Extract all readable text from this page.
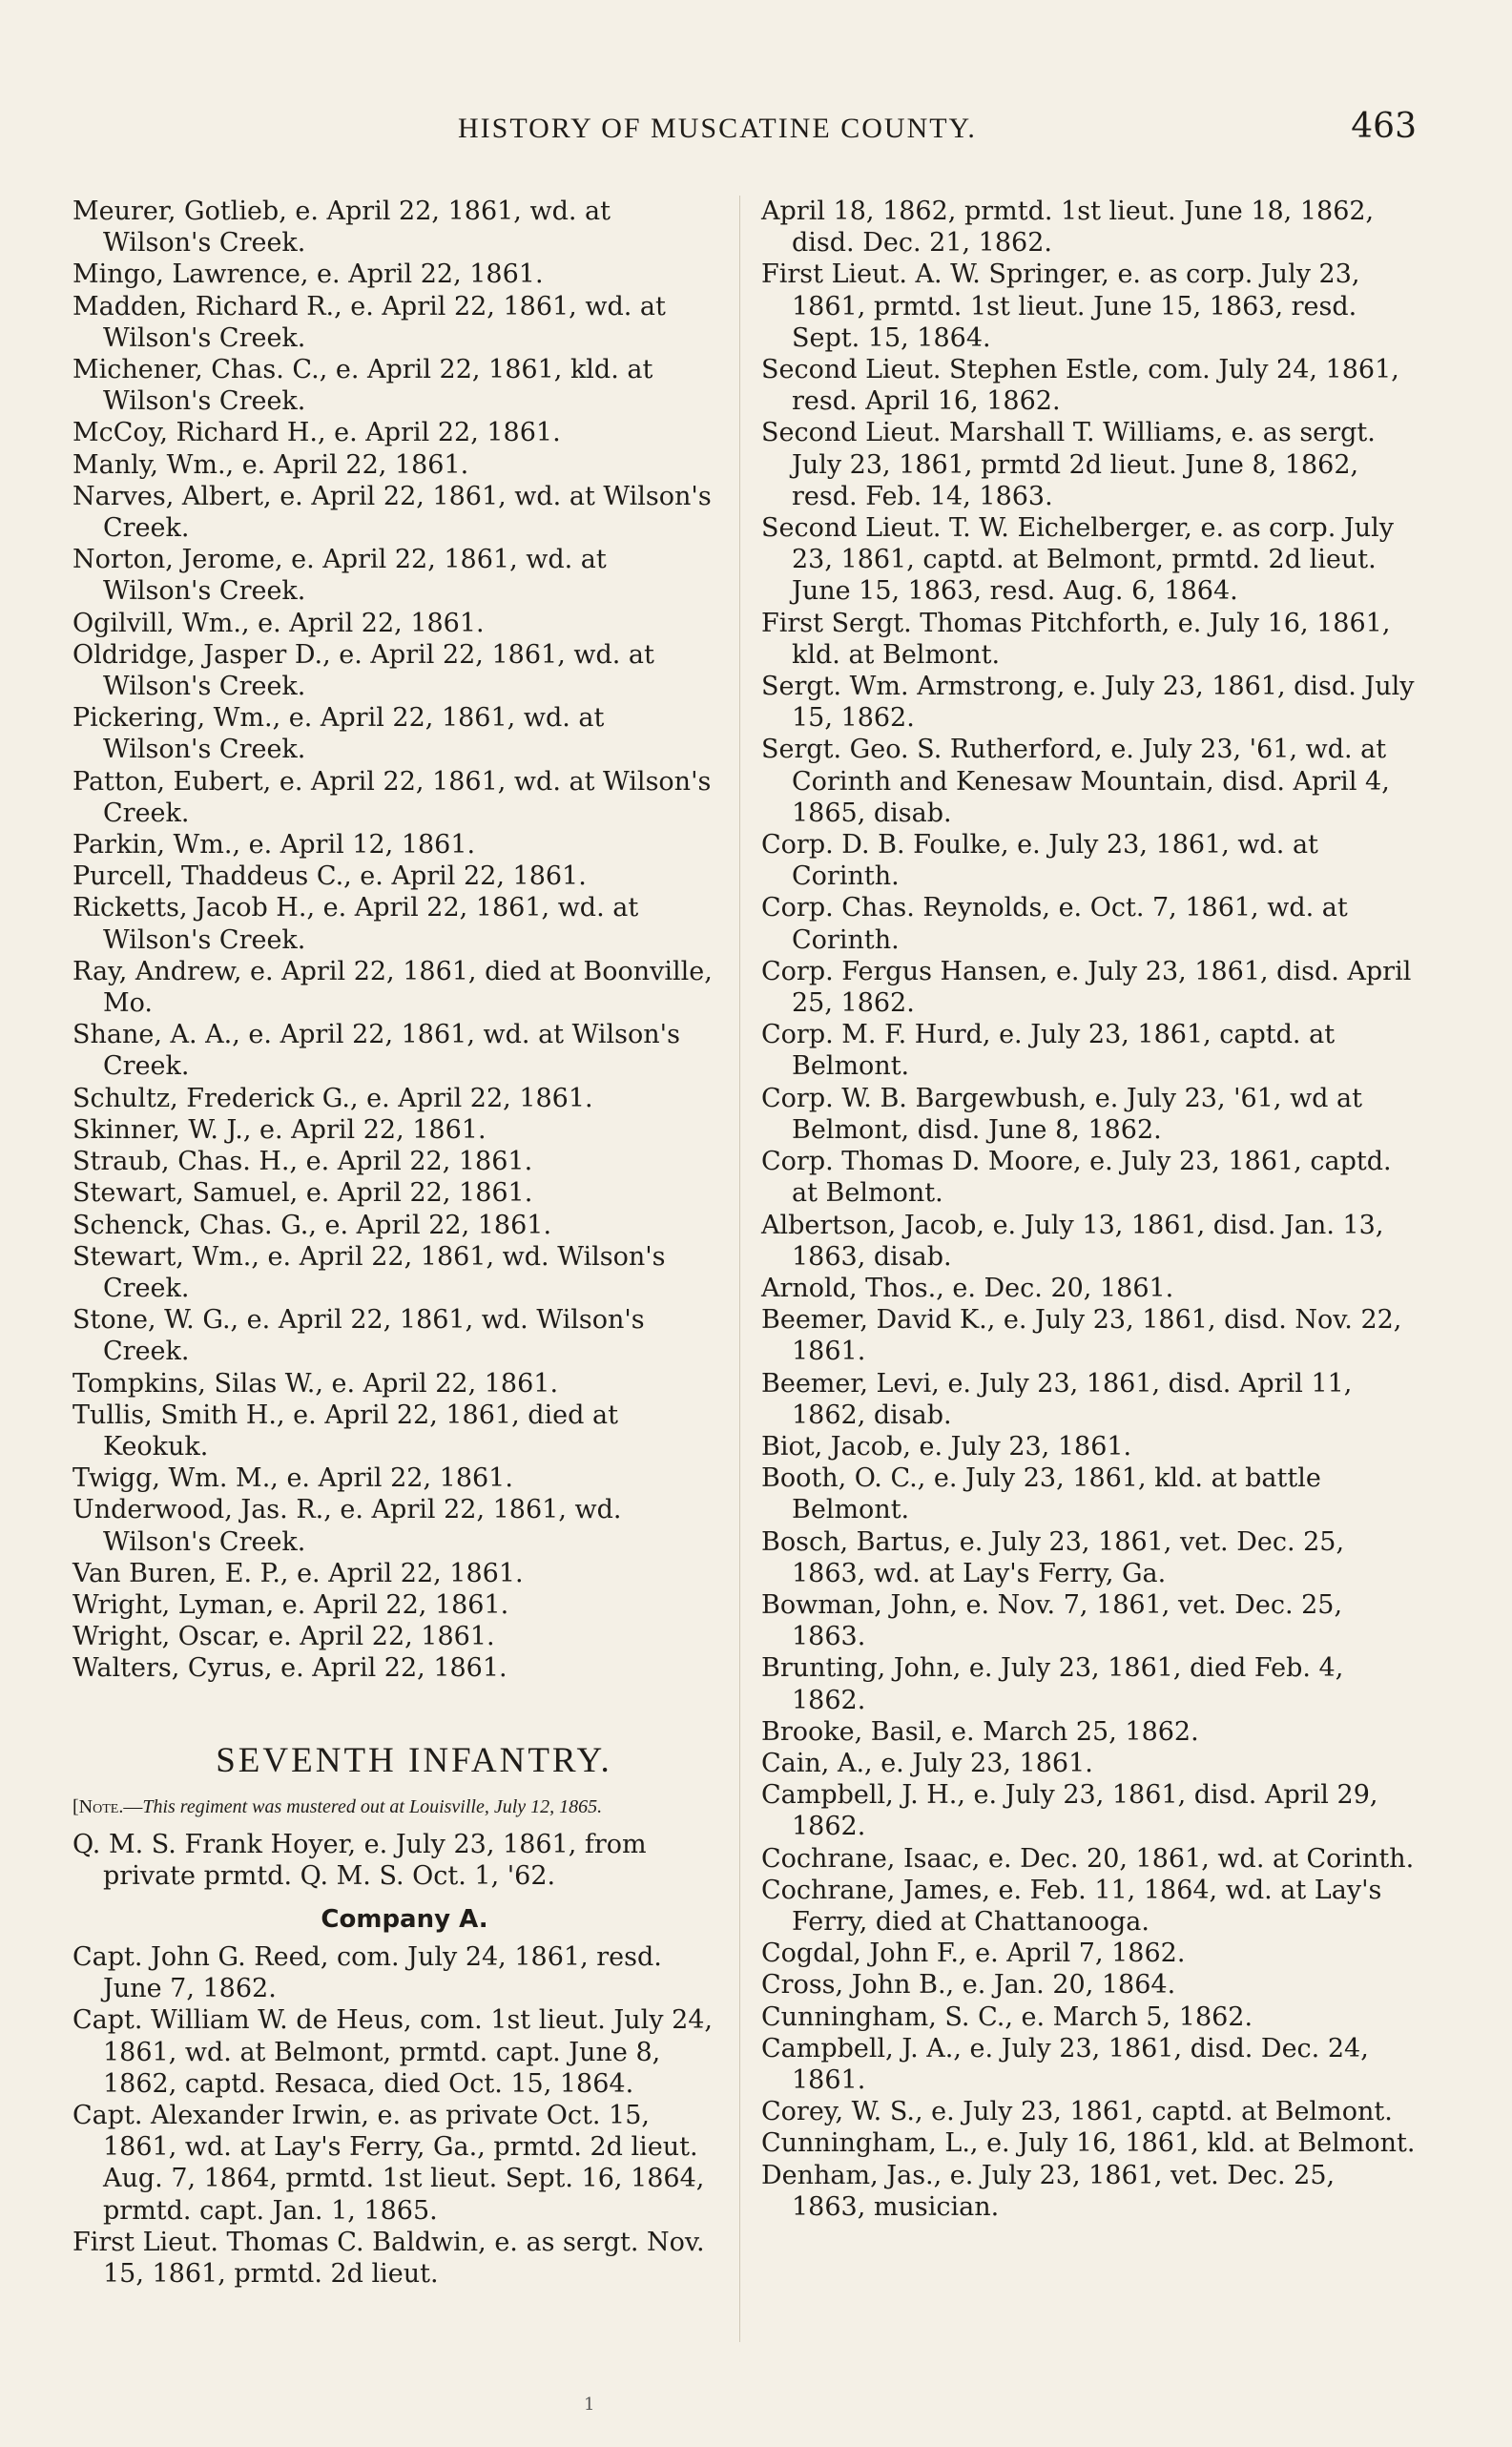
HISTORY OF MUSCATINE COUNTY.	463
Meurer, Gotlieb, e. April 22, 1861, wd. at Wilson's Creek.
Mingo, Lawrence, e. April 22, 1861.
Madden, Richard R., e. April 22, 1861, wd. at Wilson's Creek.
Michener, Chas. C., e. April 22, 1861, kld. at Wilson's Creek.
McCoy, Richard H., e. April 22, 1861.
Manly, Wm., e. April 22, 1861.
Narves, Albert, e. April 22, 1861, wd. at Wilson's Creek.
Norton, Jerome, e. April 22, 1861, wd. at Wilson's Creek.
Ogilvill, Wm., e. April 22, 1861.
Oldridge, Jasper D., e. April 22, 1861, wd. at Wilson's Creek.
Pickering, Wm., e. April 22, 1861, wd. at Wilson's Creek.
Patton, Eubert, e. April 22, 1861, wd. at Wilson's Creek.
Parkin, Wm., e. April 12, 1861.
Purcell, Thaddeus C., e. April 22, 1861.
Ricketts, Jacob H., e. April 22, 1861, wd. at Wilson's Creek.
Ray, Andrew, e. April 22, 1861, died at Boonville, Mo.
Shane, A. A., e. April 22, 1861, wd. at Wilson's Creek.
Schultz, Frederick G., e. April 22, 1861.
Skinner, W. J., e. April 22, 1861.
Straub, Chas. H., e. April 22, 1861.
Stewart, Samuel, e. April 22, 1861.
Schenck, Chas. G., e. April 22, 1861.
Stewart, Wm., e. April 22, 1861, wd. Wilson's Creek.
Stone, W. G., e. April 22, 1861, wd. Wilson's Creek.
Tompkins, Silas W., e. April 22, 1861.
Tullis, Smith H., e. April 22, 1861, died at Keokuk.
Twigg, Wm. M., e. April 22, 1861.
Underwood, Jas. R., e. April 22, 1861, wd. Wilson's Creek.
Van Buren, E. P., e. April 22, 1861.
Wright, Lyman, e. April 22, 1861.
Wright, Oscar, e. April 22, 1861.
Walters, Cyrus, e. April 22, 1861.
SEVENTH INFANTRY.
[Note.—This regiment was mustered out at Louisville, July 12, 1865.
Q. M. S. Frank Hoyer, e. July 23, 1861, from private prmtd. Q. M. S. Oct. 1, '62.
Company A.
Capt. John G. Reed, com. July 24, 1861, resd. June 7, 1862.
Capt. William W. de Heus, com. 1st lieut. July 24, 1861, wd. at Belmont, prmtd. capt. June 8, 1862, captd. Resaca, died Oct. 15, 1864.
Capt. Alexander Irwin, e. as private Oct. 15, 1861, wd. at Lay's Ferry, Ga., prmtd. 2d lieut. Aug. 7, 1864, prmtd. 1st lieut. Sept. 16, 1864, prmtd. capt. Jan. 1, 1865.
First Lieut. Thomas C. Baldwin, e. as sergt. Nov. 15, 1861, prmtd. 2d lieut.
April 18, 1862, prmtd. 1st lieut. June 18, 1862, disd. Dec. 21, 1862.
First Lieut. A. W. Springer, e. as corp. July 23, 1861, prmtd. 1st lieut. June 15, 1863, resd. Sept. 15, 1864.
Second Lieut. Stephen Estle, com. July 24, 1861, resd. April 16, 1862.
Second Lieut. Marshall T. Williams, e. as sergt. July 23, 1861, prmtd 2d lieut. June 8, 1862, resd. Feb. 14, 1863.
Second Lieut. T. W. Eichelberger, e. as corp. July 23, 1861, captd. at Belmont, prmtd. 2d lieut. June 15, 1863, resd. Aug. 6, 1864.
First Sergt. Thomas Pitchforth, e. July 16, 1861, kld. at Belmont.
Sergt. Wm. Armstrong, e. July 23, 1861, disd. July 15, 1862.
Sergt. Geo. S. Rutherford, e. July 23, '61, wd. at Corinth and Kenesaw Mountain, disd. April 4, 1865, disab.
Corp. D. B. Foulke, e. July 23, 1861, wd. at Corinth.
Corp. Chas. Reynolds, e. Oct. 7, 1861, wd. at Corinth.
Corp. Fergus Hansen, e. July 23, 1861, disd. April 25, 1862.
Corp. M. F. Hurd, e. July 23, 1861, captd. at Belmont.
Corp. W. B. Bargewbush, e. July 23, '61, wd at Belmont, disd. June 8, 1862.
Corp. Thomas D. Moore, e. July 23, 1861, captd. at Belmont.
Albertson, Jacob, e. July 13, 1861, disd. Jan. 13, 1863, disab.
Arnold, Thos., e. Dec. 20, 1861.
Beemer, David K., e. July 23, 1861, disd. Nov. 22, 1861.
Beemer, Levi, e. July 23, 1861, disd. April 11, 1862, disab.
Biot, Jacob, e. July 23, 1861.
Booth, O. C., e. July 23, 1861, kld. at battle Belmont.
Bosch, Bartus, e. July 23, 1861, vet. Dec. 25, 1863, wd. at Lay's Ferry, Ga.
Bowman, John, e. Nov. 7, 1861, vet. Dec. 25, 1863.
Brunting, John, e. July 23, 1861, died Feb. 4, 1862.
Brooke, Basil, e. March 25, 1862.
Cain, A., e. July 23, 1861.
Campbell, J. H., e. July 23, 1861, disd. April 29, 1862.
Cochrane, Isaac, e. Dec. 20, 1861, wd. at Corinth.
Cochrane, James, e. Feb. 11, 1864, wd. at Lay's Ferry, died at Chattanooga.
Cogdal, John F., e. April 7, 1862.
Cross, John B., e. Jan. 20, 1864.
Cunningham, S. C., e. March 5, 1862.
Campbell, J. A., e. July 23, 1861, disd. Dec. 24, 1861.
Corey, W. S., e. July 23, 1861, captd. at Belmont.
Cunningham, L., e. July 16, 1861, kld. at Belmont.
Denham, Jas., e. July 23, 1861, vet. Dec. 25, 1863, musician.
1
